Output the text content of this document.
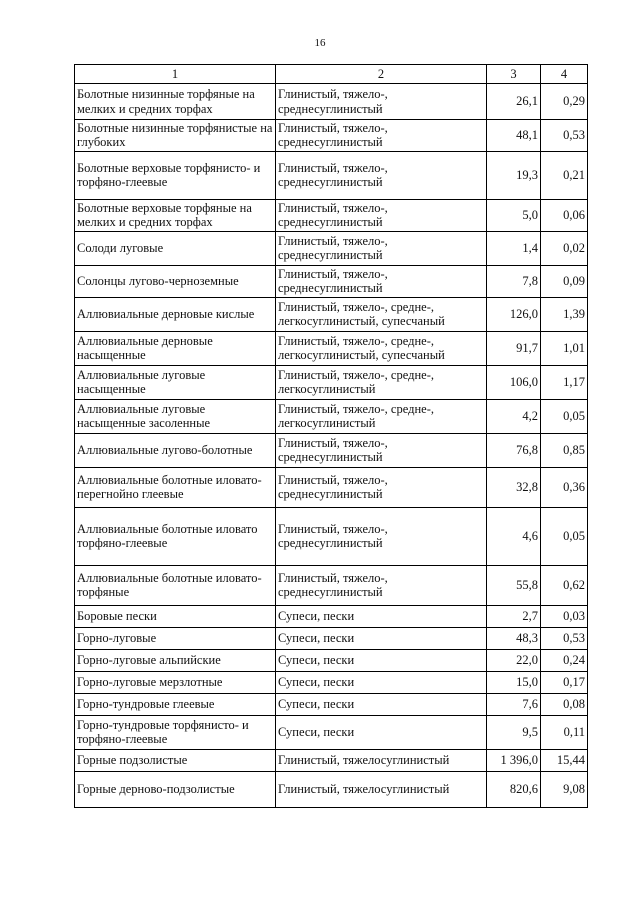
16
1	2	3	4
Болотные низинные торфяные на мелких и средних торфах	Глинистый, тяжело-, среднесуглинистый	26,1	0,29
Болотные низинные торфянистые на глубоких	Глинистый, тяжело-, среднесуглинистый	48,1	0,53
Болотные верховые торфянисто- и торфяно-глеевые	Глинистый, тяжело-, среднесуглинистый	19,3	0,21
Болотные верховые торфяные на мелких и средних торфах	Глинистый, тяжело-, среднесуглинистый	5,0	0,06
Солоди луговые	Глинистый, тяжело-, среднесуглинистый	1,4	0,02
Солонцы лугово-черноземные	Глинистый, тяжело-, среднесуглинистый	7,8	0,09
Аллювиальные дерновые кислые	Глинистый, тяжело-, средне-, легкосуглинистый, супесчаный	126,0	1,39
Аллювиальные дерновые насыщенные	Глинистый, тяжело-, средне-, легкосуглинистый, супесчаный	91,7	1,01
Аллювиальные луговые насыщенные	Глинистый, тяжело-, средне-, легкосуглинистый	106,0	1,17
Аллювиальные луговые насыщенные засоленные	Глинистый, тяжело-, средне-, легкосуглинистый	4,2	0,05
Аллювиальные лугово-болотные	Глинистый, тяжело-, среднесуглинистый	76,8	0,85
Аллювиальные болотные иловато-перегнойно глеевые	Глинистый, тяжело-, среднесуглинистый	32,8	0,36
Аллювиальные болотные иловато торфяно-глеевые	Глинистый, тяжело-, среднесуглинистый	4,6	0,05
Аллювиальные болотные иловато-торфяные	Глинистый, тяжело-, среднесуглинистый	55,8	0,62
Боровые пески	Супеси, пески	2,7	0,03
Горно-луговые	Супеси, пески	48,3	0,53
Горно-луговые альпийские	Супеси, пески	22,0	0,24
Горно-луговые мерзлотные	Супеси, пески	15,0	0,17
Горно-тундровые глеевые	Супеси, пески	7,6	0,08
Горно-тундровые торфянисто- и торфяно-глеевые	Супеси, пески	9,5	0,11
Горные подзолистые	Глинистый, тяжелосуглинистый	1 396,0	15,44
Горные дерново-подзолистые	Глинистый, тяжелосуглинистый	820,6	9,08
